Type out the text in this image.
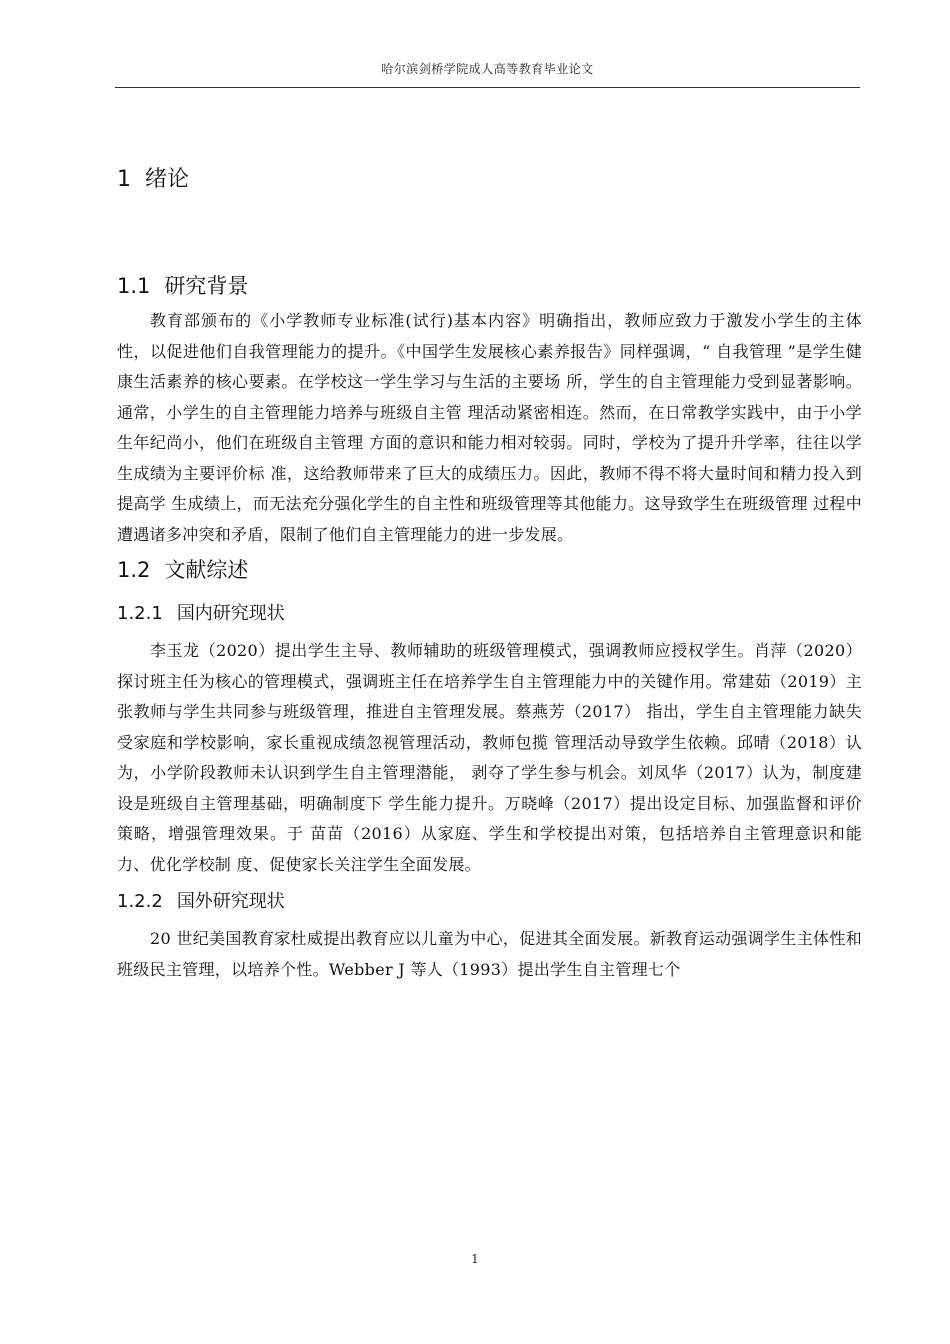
哈尔滨剑桥学院成人高等教育毕业论文
1 绪论
1.1 研究背景

教育部颁布的《小学教师专业标准(试行)基本内容》明确指出，教师应致力于激发小学生的主体性，以促进他们自我管理能力的提升。《中国学生发展核心素养报告》同样强调，“ 自我管理 ”是学生健康生活素养的核心要素。在学校这一学生学习与生活的主要场 所，学生的自主管理能力受到显著影响。通常，小学生的自主管理能力培养与班级自主管 理活动紧密相连。然而，在日常教学实践中，由于小学生年纪尚小，他们在班级自主管理 方面的意识和能力相对较弱。同时，学校为了提升升学率，往往以学生成绩为主要评价标 准，这给教师带来了巨大的成绩压力。因此，教师不得不将大量时间和精力投入到提高学 生成绩上，而无法充分强化学生的自主性和班级管理等其他能力。这导致学生在班级管理 过程中遭遇诸多冲突和矛盾，限制了他们自主管理能力的进一步发展。

1.2 文献综述
1.2.1 国内研究现状

李玉龙（2020）提出学生主导、教师辅助的班级管理模式，强调教师应授权学生。肖萍（2020）探讨班主任为核心的管理模式，强调班主任在培养学生自主管理能力中的关键作用。常建茹（2019）主张教师与学生共同参与班级管理，推进自主管理发展。蔡燕芳（2017） 指出，学生自主管理能力缺失受家庭和学校影响，家长重视成绩忽视管理活动，教师包揽 管理活动导致学生依赖。邱晴（2018）认为，小学阶段教师未认识到学生自主管理潜能， 剥夺了学生参与机会。刘凤华（2017）认为，制度建设是班级自主管理基础，明确制度下 学生能力提升。万晓峰（2017）提出设定目标、加强监督和评价策略，增强管理效果。于 苗苗（2016）从家庭、学生和学校提出对策，包括培养自主管理意识和能力、优化学校制 度、促使家长关注学生全面发展。

1.2.2 国外研究现状

20 世纪美国教育家杜威提出教育应以儿童为中心，促进其全面发展。新教育运动强调学生主体性和班级民主管理，以培养个性。Webber J 等人（1993）提出学生自主管理七个

1
